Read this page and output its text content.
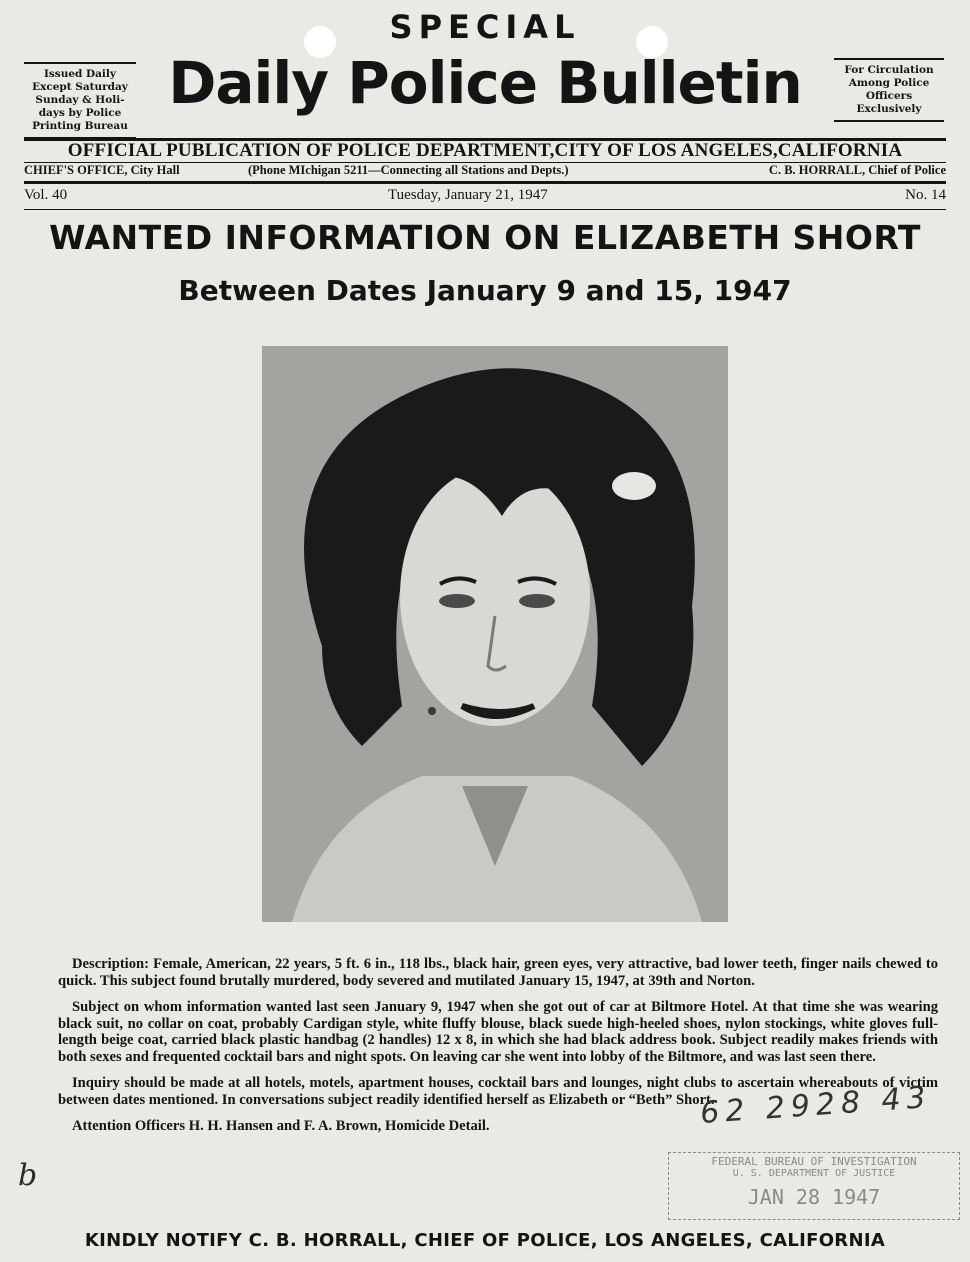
SPECIAL
Daily Police Bulletin
Issued Daily
Except Saturday
Sunday & Holi-
days by Police
Printing Bureau
For Circulation
Among Police
Officers
Exclusively
OFFICIAL PUBLICATION OF POLICE DEPARTMENT,CITY OF LOS ANGELES,CALIFORNIA
CHIEF'S OFFICE, City Hall	(Phone MIchigan 5211—Connecting all Stations and Depts.)	C. B. HORRALL, Chief of Police
Vol. 40	Tuesday, January 21, 1947	No. 14
WANTED INFORMATION ON ELIZABETH SHORT
Between Dates January 9 and 15, 1947

Description: Female, American, 22 years, 5 ft. 6 in., 118 lbs., black hair, green eyes, very attractive, bad lower teeth, finger nails chewed to quick. This subject found brutally murdered, body severed and mutilated January 15, 1947, at 39th and Norton.

Subject on whom information wanted last seen January 9, 1947 when she got out of car at Biltmore Hotel. At that time she was wearing black suit, no collar on coat, probably Cardigan style, white fluffy blouse, black suede high-heeled shoes, nylon stockings, white gloves full-length beige coat, carried black plastic handbag (2 handles) 12 x 8, in which she had black address book. Subject readily makes friends with both sexes and frequented cocktail bars and night spots. On leaving car she went into lobby of the Biltmore, and was last seen there.

Inquiry should be made at all hotels, motels, apartment houses, cocktail bars and lounges, night clubs to ascertain whereabouts of victim between dates mentioned. In conversations subject readily identified herself as Elizabeth or “Beth” Short.

Attention Officers H. H. Hansen and F. A. Brown, Homicide Detail.	62 2928 43
FEDERAL BUREAU OF INVESTIGATION
U. S. DEPARTMENT OF JUSTICE
JAN 28 1947
b
KINDLY NOTIFY C. B. HORRALL, CHIEF OF POLICE, LOS ANGELES, CALIFORNIA
